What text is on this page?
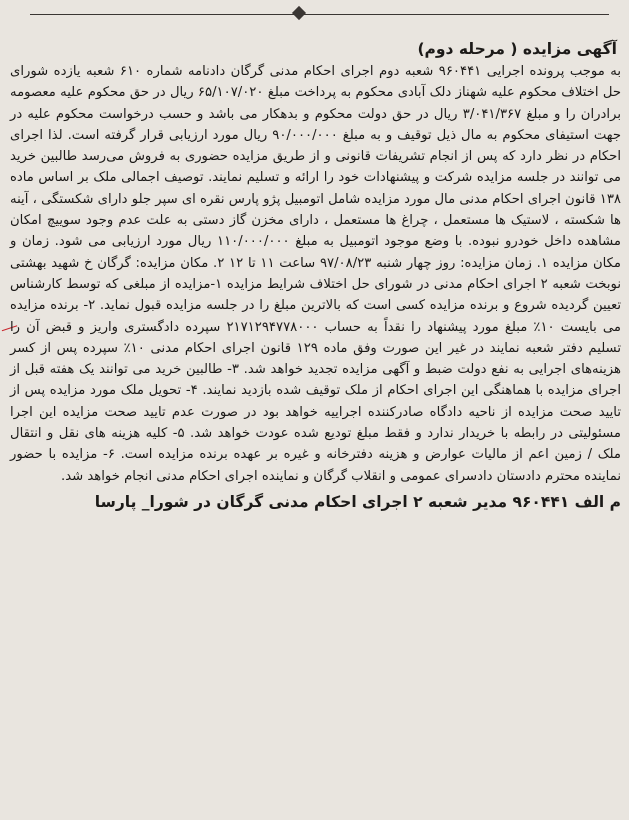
آگهی مزایده ( مرحله دوم)

به موجب پرونده اجرایی ۹۶۰۴۴۱ شعبه دوم اجرای احکام مدنی گرگان دادنامه شماره ۶۱۰ شعبه یازده شورای حل اختلاف محکوم علیه شهناز دلک آبادی محکوم به پرداخت مبلغ ۶۵/۱۰۷/۰۲۰ ریال در حق محکوم علیه معصومه برادران را و مبلغ ۳/۰۴۱/۳۶۷ ریال در حق دولت محکوم و بدهکار می باشد و حسب درخواست محکوم علیه در جهت استیفای محکوم به مال ذیل توقیف و به مبلغ ۹۰/۰۰۰/۰۰۰ ریال مورد ارزیابی قرار گرفته است. لذا اجرای احکام در نظر دارد که پس از انجام تشریفات قانونی و از طریق مزایده حضوری به فروش می‌رسد طالبین خرید می توانند در جلسه مزایده شرکت و پیشنهادات خود را ارائه و تسلیم نمایند. توصیف اجمالی ملک بر اساس ماده ۱۳۸ قانون اجرای احکام مدنی مال مورد مزایده شامل اتومبیل پژو پارس نقره ای سپر جلو دارای شکستگی ، آینه ها شکسته ، لاستیک ها مستعمل ، چراغ ها مستعمل ، دارای مخزن گاز دستی به علت عدم وجود سوییچ امکان مشاهده داخل خودرو نبوده. با وضع موجود اتومبیل به مبلغ ۱۱۰/۰۰۰/۰۰۰ ریال مورد ارزیابی می شود. زمان و مکان مزایده ۱. زمان مزایده: روز چهار شنبه ۹۷/۰۸/۲۳ ساعت ۱۱ تا ۱۲ ۲. مکان مزایده: گرگان خ شهید بهشتی نوبخت شعبه ۲ اجرای احکام مدنی در شورای حل اختلاف شرایط مزایده ۱-مزایده از مبلغی که توسط کارشناس تعیین گردیده شروع و برنده مزایده کسی است که بالاترین مبلغ را در جلسه مزایده قبول نماید. ۲- برنده مزایده می بایست ۱۰٪ مبلغ مورد پیشنهاد را نقداً به حساب ۲۱۷۱۲۹۴۷۷۸۰۰۰ سپرده دادگستری واریز و قبض آن را تسلیم دفتر شعبه نمایند در غیر این صورت وفق ماده ۱۲۹ قانون اجرای احکام مدنی ۱۰٪ سپرده پس از کسر هزینه‌های اجرایی به نفع دولت ضبط و آگهی مزایده تجدید خواهد شد. ۳- طالبین خرید می توانند یک هفته قبل از اجرای مزایده با هماهنگی این اجرای احکام از ملک توقیف شده بازدید نمایند. ۴- تحویل ملک مورد مزایده پس از تایید صحت مزایده از ناحیه دادگاه صادرکننده اجراییه خواهد بود در صورت عدم تایید صحت مزایده این اجرا مسئولیتی در رابطه با خریدار ندارد و فقط مبلغ تودیع شده عودت خواهد شد. ۵- کلیه هزینه های نقل و انتقال ملک / زمین اعم از مالیات عوارض و هزینه دفترخانه و غیره بر عهده برنده مزایده است. ۶- مزایده با حضور نماینده محترم دادستان دادسرای عمومی و انقلاب گرگان و نماینده اجرای احکام مدنی انجام خواهد شد.

م الف ۹۶۰۴۴۱ مدیر شعبه ۲ اجرای احکام مدنی گرگان در شورا_ پارسا
